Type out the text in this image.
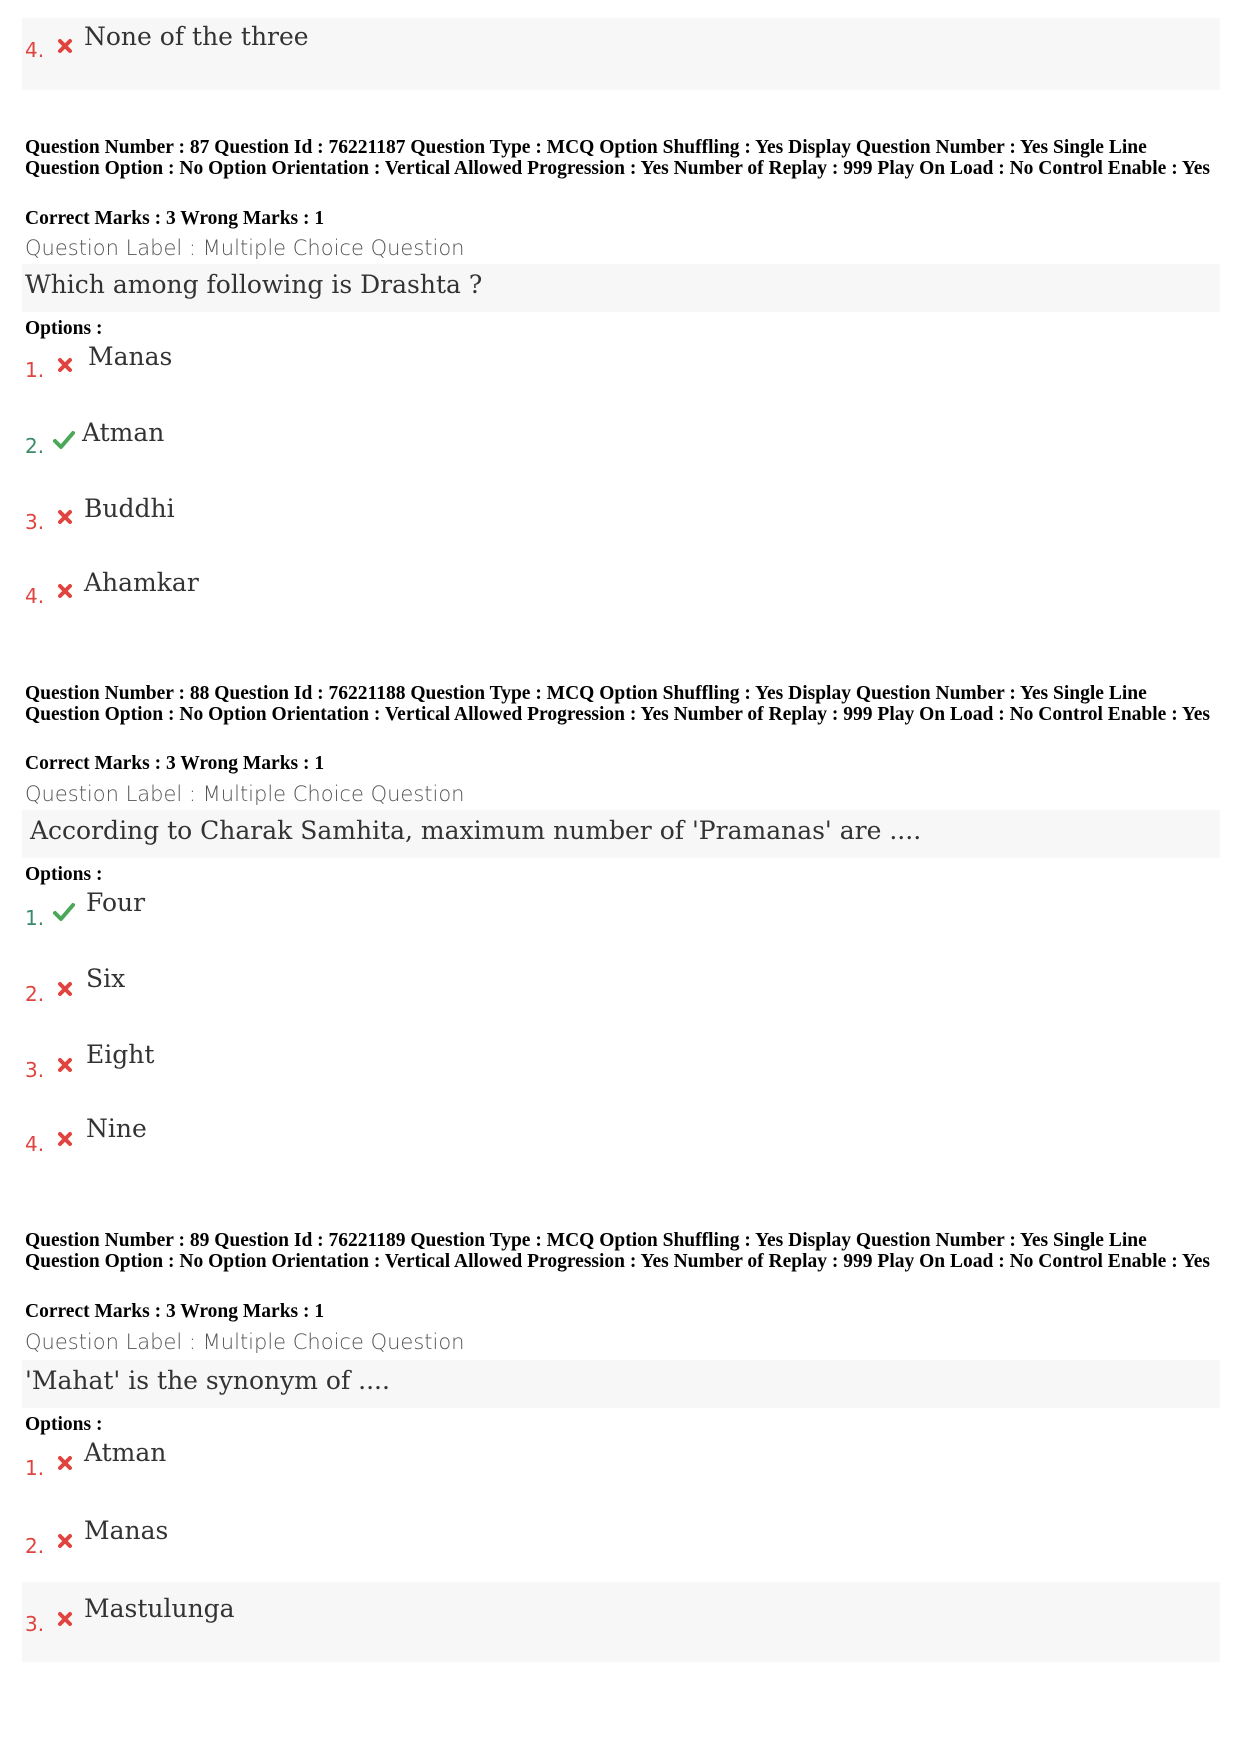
4. None of the three
Question Number : 87 Question Id : 76221187 Question Type : MCQ Option Shuffling : Yes Display Question Number : Yes Single Line Question Option : No Option Orientation : Vertical Allowed Progression : Yes Number of Replay : 999 Play On Load : No Control Enable : Yes
Correct Marks : 3 Wrong Marks : 1
Question Label : Multiple Choice Question
Which among following is Drashta ?
Options :
1. Manas
2. Atman
3. Buddhi
4. Ahamkar
Question Number : 88 Question Id : 76221188 Question Type : MCQ Option Shuffling : Yes Display Question Number : Yes Single Line Question Option : No Option Orientation : Vertical Allowed Progression : Yes Number of Replay : 999 Play On Load : No Control Enable : Yes
Correct Marks : 3 Wrong Marks : 1
Question Label : Multiple Choice Question
According to Charak Samhita, maximum number of 'Pramanas' are ....
Options :
1.
Four
2.
Six
3.
Eight
4.
Nine
Question Number : 89 Question Id : 76221189 Question Type : MCQ Option Shuffling : Yes Display Question Number : Yes Single Line Question Option : No Option Orientation : Vertical Allowed Progression : Yes Number of Replay : 999 Play On Load : No Control Enable : Yes
Correct Marks : 3 Wrong Marks : 1
Question Label : Multiple Choice Question
'Mahat' is the synonym of ....
Options :
1.
Atman
2.
Manas
3.
Mastulunga
